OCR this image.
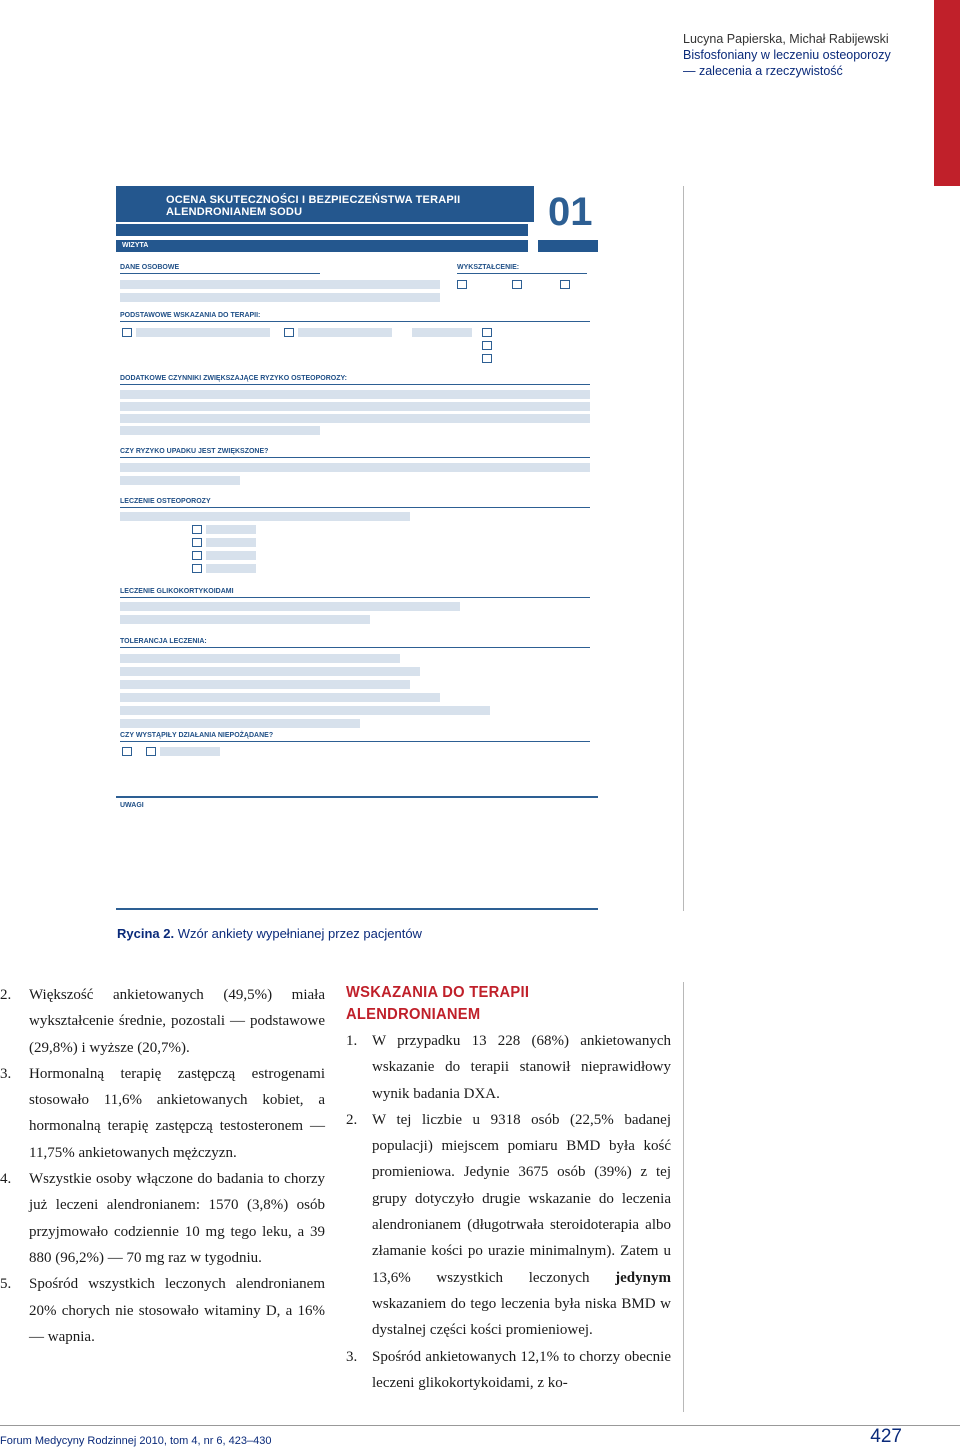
Lucyna Papierska, Michał Rabijewski
Bisfosfoniany w leczeniu osteoporozy
— zalecenia a rzeczywistość
OCENA SKUTECZNOŚCI I BEZPIECZEŃSTWA TERAPII ALENDRONIANEM SODU	01
WIZYTA
DANE OSOBOWE	WYKSZTAŁCENIE:
PODSTAWOWE WSKAZANIA DO TERAPII:
DODATKOWE CZYNNIKI ZWIĘKSZAJĄCE RYZYKO OSTEOPOROZY:
CZY RYZYKO UPADKU JEST ZWIĘKSZONE?
LECZENIE OSTEOPOROZY
LECZENIE GLIKOKORTYKOIDAMI
TOLERANCJA LECZENIA:
CZY WYSTĄPIŁY DZIAŁANIA NIEPOŻĄDANE?
UWAGI
Rycina 2. Wzór ankiety wypełnianej przez pacjentów
2. Większość ankietowanych (49,5%) miała wykształcenie średnie, pozostali — podstawowe (29,8%) i wyższe (20,7%).
3. Hormonalną terapię zastępczą estrogenami stosowało 11,6% ankietowanych kobiet, a hormonalną terapię zastępczą testosteronem — 11,75% ankietowanych mężczyzn.
4. Wszystkie osoby włączone do badania to chorzy już leczeni alendronianem: 1570 (3,8%) osób przyjmowało codziennie 10 mg tego leku, a 39 880 (96,2%) — 70 mg raz w tygodniu.
5. Spośród wszystkich leczonych alendronianem 20% chorych nie stosowało witaminy D, a 16% — wapnia.
WSKAZANIA DO TERAPII ALENDRONIANEM
1. W przypadku 13 228 (68%) ankietowanych wskazanie do terapii stanowił nieprawidłowy wynik badania DXA.
2. W tej liczbie u 9318 osób (22,5% badanej populacji) miejscem pomiaru BMD była kość promieniowa. Jedynie 3675 osób (39%) z tej grupy dotyczyło drugie wskazanie do leczenia alendronianem (długotrwała steroidoterapia albo złamanie kości po urazie minimalnym). Zatem u 13,6% wszystkich leczonych jedynym wskazaniem do tego leczenia była niska BMD w dystalnej części kości promieniowej.
3. Spośród ankietowanych 12,1% to chorzy obecnie leczeni glikokortykoidami, z ko-
Forum Medycyny Rodzinnej 2010, tom 4, nr 6, 423–430	427
